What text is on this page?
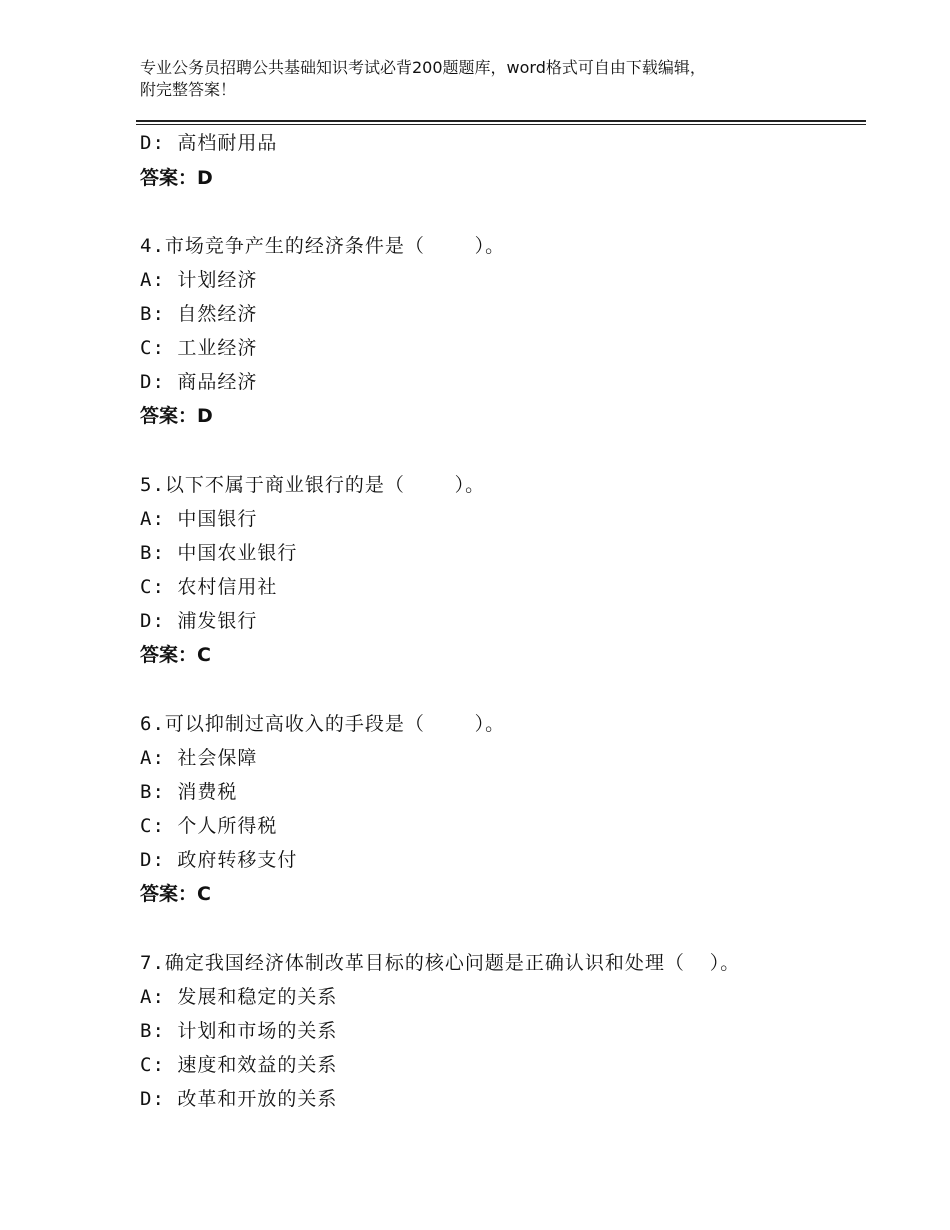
专业公务员招聘公共基础知识考试必背200题题库，word格式可自由下载编辑，
附完整答案！
D: 高档耐用品
答案：D
4.市场竞争产生的经济条件是（    ）。
A: 计划经济
B: 自然经济
C: 工业经济
D: 商品经济
答案：D
5.以下不属于商业银行的是（    ）。
A: 中国银行
B: 中国农业银行
C: 农村信用社
D: 浦发银行
答案：C
6.可以抑制过高收入的手段是（    ）。
A: 社会保障
B: 消费税
C: 个人所得税
D: 政府转移支付
答案：C
7.确定我国经济体制改革目标的核心问题是正确认识和处理（  ）。
A: 发展和稳定的关系
B: 计划和市场的关系
C: 速度和效益的关系
D: 改革和开放的关系
